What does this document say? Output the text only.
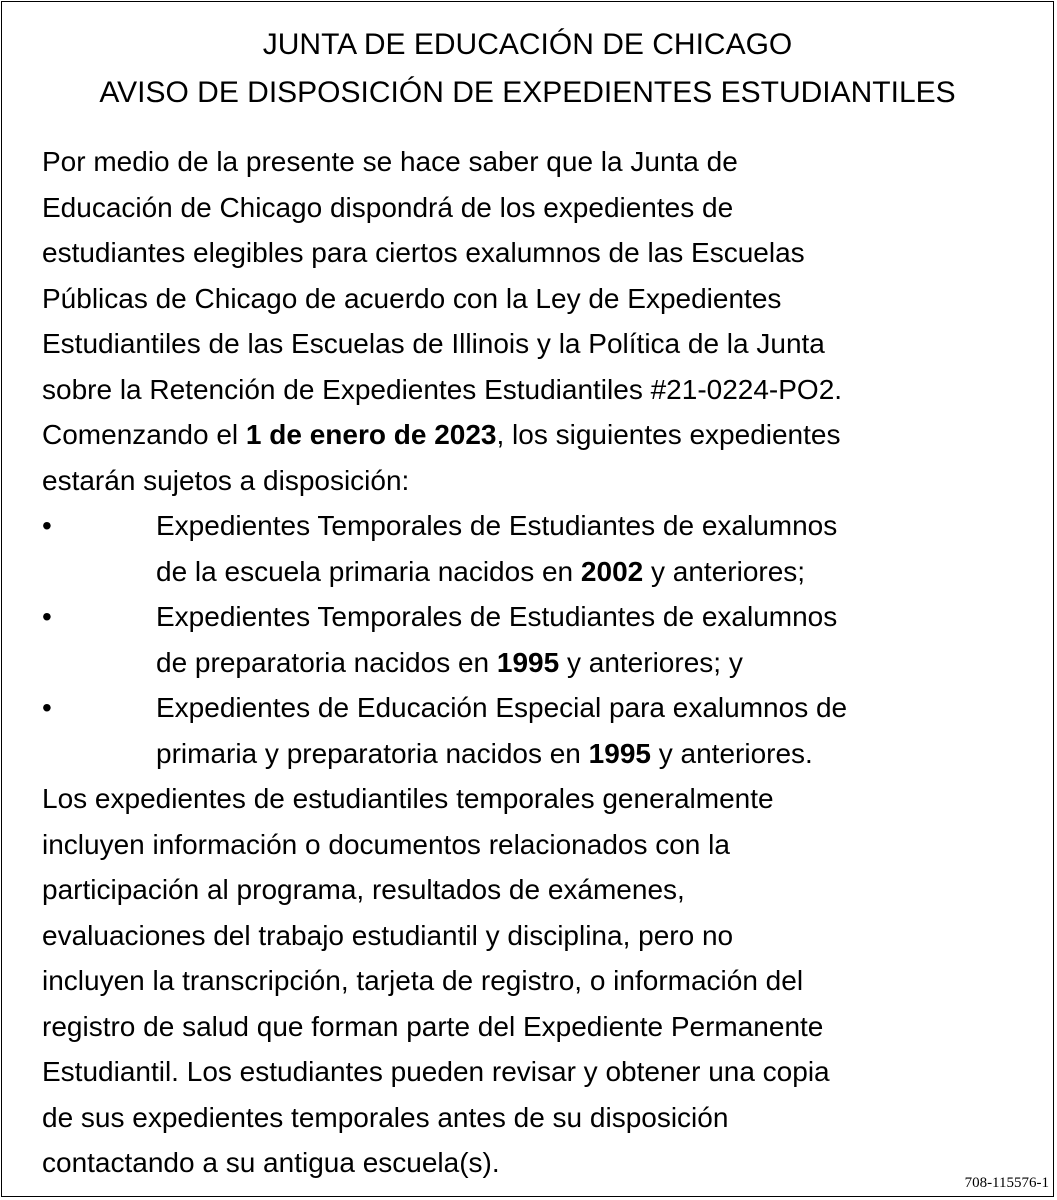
JUNTA DE EDUCACIÓN DE CHICAGO
AVISO DE DISPOSICIÓN DE EXPEDIENTES ESTUDIANTILES

Por medio de la presente se hace saber que la Junta de
Educación de Chicago dispondrá de los expedientes de
estudiantes elegibles para ciertos exalumnos de las Escuelas
Públicas de Chicago de acuerdo con la Ley de Expedientes
Estudiantiles de las Escuelas de Illinois y la Política de la Junta
sobre la Retención de Expedientes Estudiantiles #21-0224-PO2.
Comenzando el 1 de enero de 2023, los siguientes expedientes
estarán sujetos a disposición:

•	Expedientes Temporales de Estudiantes de exalumnos
de la escuela primaria nacidos en 2002 y anteriores;
•	Expedientes Temporales de Estudiantes de exalumnos
de preparatoria nacidos en 1995 y anteriores; y
•	Expedientes de Educación Especial para exalumnos de
primaria y preparatoria nacidos en 1995 y anteriores.

Los expedientes de estudiantiles temporales generalmente
incluyen información o documentos relacionados con la
participación al programa, resultados de exámenes,
evaluaciones del trabajo estudiantil y disciplina, pero no
incluyen la transcripción, tarjeta de registro, o información del
registro de salud que forman parte del Expediente Permanente
Estudiantil. Los estudiantes pueden revisar y obtener una copia
de sus expedientes temporales antes de su disposición
contactando a su antigua escuela(s).

708-115576-1
